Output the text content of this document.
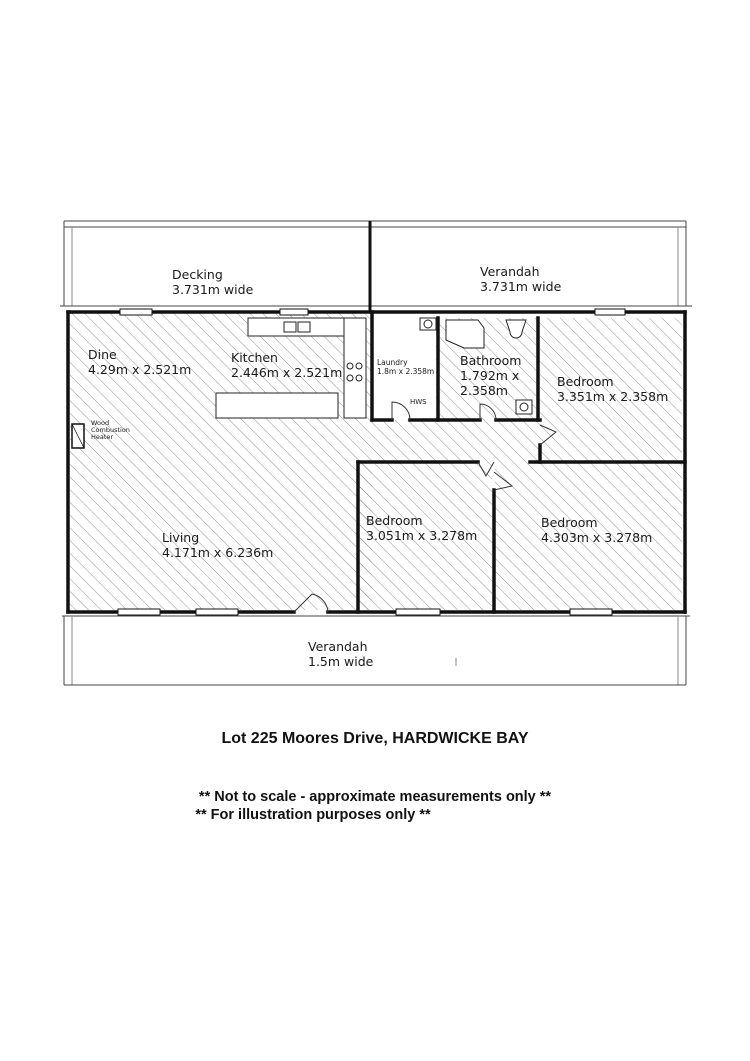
Decking
3.731m wide
Verandah
3.731m wide
Dine
4.29m x 2.521m
Kitchen
2.446m x 2.521m
Laundry
1.8m x 2.358m
HWS
Bathroom
1.792m x
2.358m
Bedroom
3.351m x 2.358m
Wood
Combustion
Heater
Living
4.171m x 6.236m
Bedroom
3.051m x 3.278m
Bedroom
4.303m x 3.278m
Verandah
1.5m wide
Lot 225 Moores Drive, HARDWICKE BAY
** Not to scale - approximate measurements only **
** For illustration purposes only **
